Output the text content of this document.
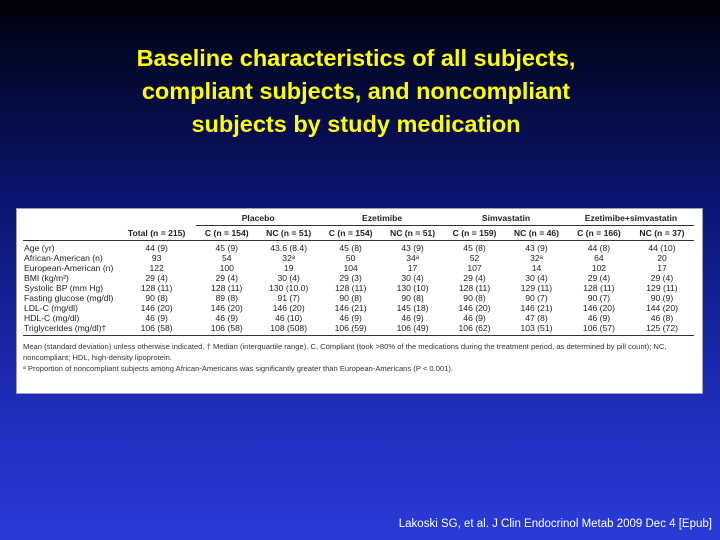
Baseline characteristics of all subjects,
compliant subjects, and noncompliant
subjects by study medication
		Placebo		Ezetimibe		Simvastatin		Ezetimibe+simvastatin	
	Total (n = 215)	C (n = 154)	NC (n = 51)	C (n = 154)	NC (n = 51)	C (n = 159)	NC (n = 46)	C (n = 166)	NC (n = 37)
Age (yr)	44 (9)	45 (9)	43.6 (8.4)	45 (8)	43 (9)	45 (8)	43 (9)	44 (8)	44 (10)
African-American (n)	93	54	32ᵃ	50	34ᵃ	52	32ᵃ	64	20
European-American (n)	122	100	19	104	17	107	14	102	17
BMI (kg/m²)	29 (4)	29 (4)	30 (4)	29 (3)	30 (4)	29 (4)	30 (4)	29 (4)	29 (4)
Systolic BP (mm Hg)	128 (11)	128 (11)	130 (10.0)	128 (11)	130 (10)	128 (11)	129 (11)	128 (11)	129 (11)
Fasting glucose (mg/dl)	90 (8)	89 (8)	91 (7)	90 (8)	90 (8)	90 (8)	90 (7)	90 (7)	90 (9)
LDL-C (mg/dl)	146 (20)	146 (20)	146 (20)	146 (21)	145 (18)	146 (20)	146 (21)	146 (20)	144 (20)
HDL-C (mg/dl)	46 (9)	46 (9)	46 (10)	46 (9)	46 (9)	46 (9)	47 (8)	46 (9)	46 (8)
Triglycerides (mg/dl)†	106 (58)	106 (58)	108 (508)	106 (59)	106 (49)	106 (62)	103 (51)	106 (57)	125 (72)

Mean (standard deviation) unless otherwise indicated. † Median (interquartile range). C, Compliant (took >80% of the medications during the treatment period, as determined by pill count); NC,

noncompliant; HDL, high-density lipoprotein.

ᵃ Proportion of noncompliant subjects among African-Americans was significantly greater than European-Americans (P < 0.001).

Lakoski SG, et al. J Clin Endocrinol Metab 2009 Dec 4 [Epub]
